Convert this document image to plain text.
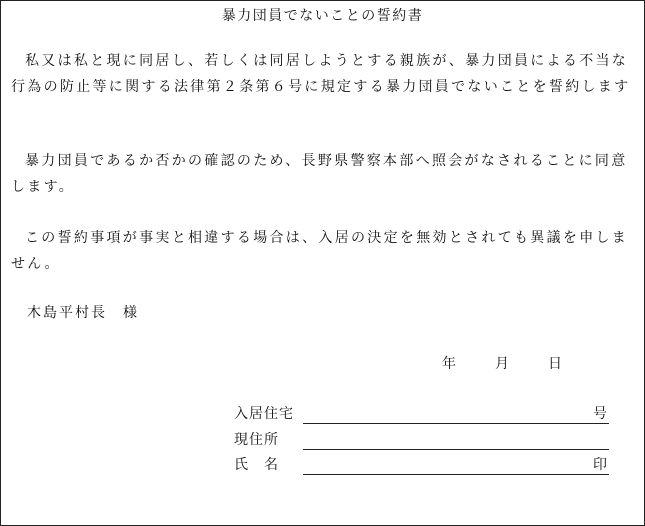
暴力団員でないことの誓約書

私又は私と現に同居し、若しくは同居しようとする親族が、暴力団員による不当な行為の防止等に関する法律第２条第６号に規定する暴力団員でないことを誓約します

暴力団員であるか否かの確認のため、長野県警察本部へ照会がなされることに同意します。

この誓約事項が事実と相違する場合は、入居の決定を無効とされても異議を申しません。

木島平村長　様
年	月	日
入居住宅	号
現住所
氏　名	印
